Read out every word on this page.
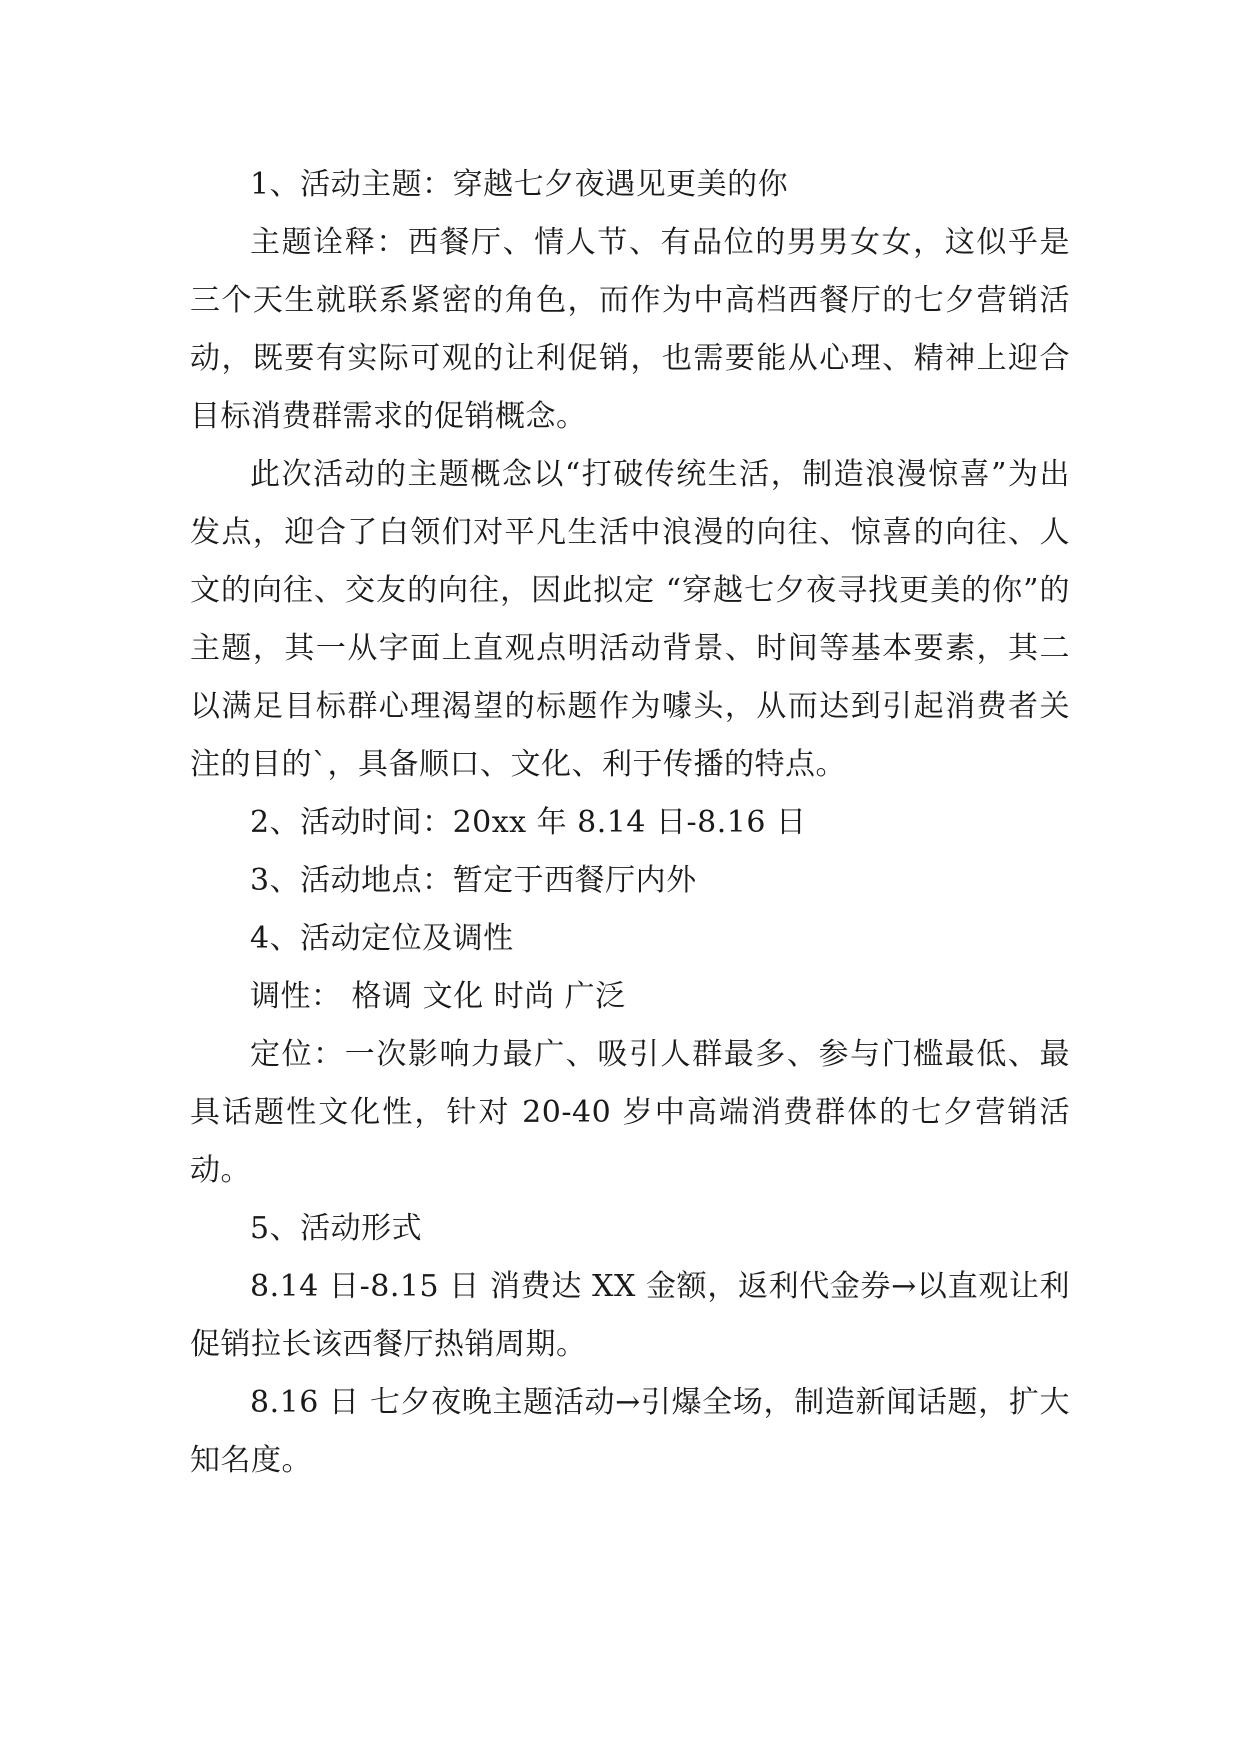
1、活动主题：穿越七夕夜遇见更美的你

主题诠释：西餐厅、情人节、有品位的男男女女，这似乎是三个天生就联系紧密的角色，而作为中高档西餐厅的七夕营销活动，既要有实际可观的让利促销，也需要能从心理、精神上迎合目标消费群需求的促销概念。

此次活动的主题概念以“打破传统生活，制造浪漫惊喜”为出发点，迎合了白领们对平凡生活中浪漫的向往、惊喜的向往、人文的向往、交友的向往，因此拟定 “穿越七夕夜寻找更美的你”的主题，其一从字面上直观点明活动背景、时间等基本要素，其二以满足目标群心理渴望的标题作为噱头，从而达到引起消费者关注的目的`，具备顺口、文化、利于传播的特点。

2、活动时间：20xx 年 8.14 日-8.16 日

3、活动地点：暂定于西餐厅内外

4、活动定位及调性

调性： 格调 文化 时尚 广泛

定位：一次影响力最广、吸引人群最多、参与门槛最低、最具话题性文化性，针对 20-40 岁中高端消费群体的七夕营销活动。

5、活动形式

8.14 日-8.15 日 消费达 XX 金额，返利代金券→以直观让利促销拉长该西餐厅热销周期。

8.16 日 七夕夜晚主题活动→引爆全场，制造新闻话题，扩大知名度。
